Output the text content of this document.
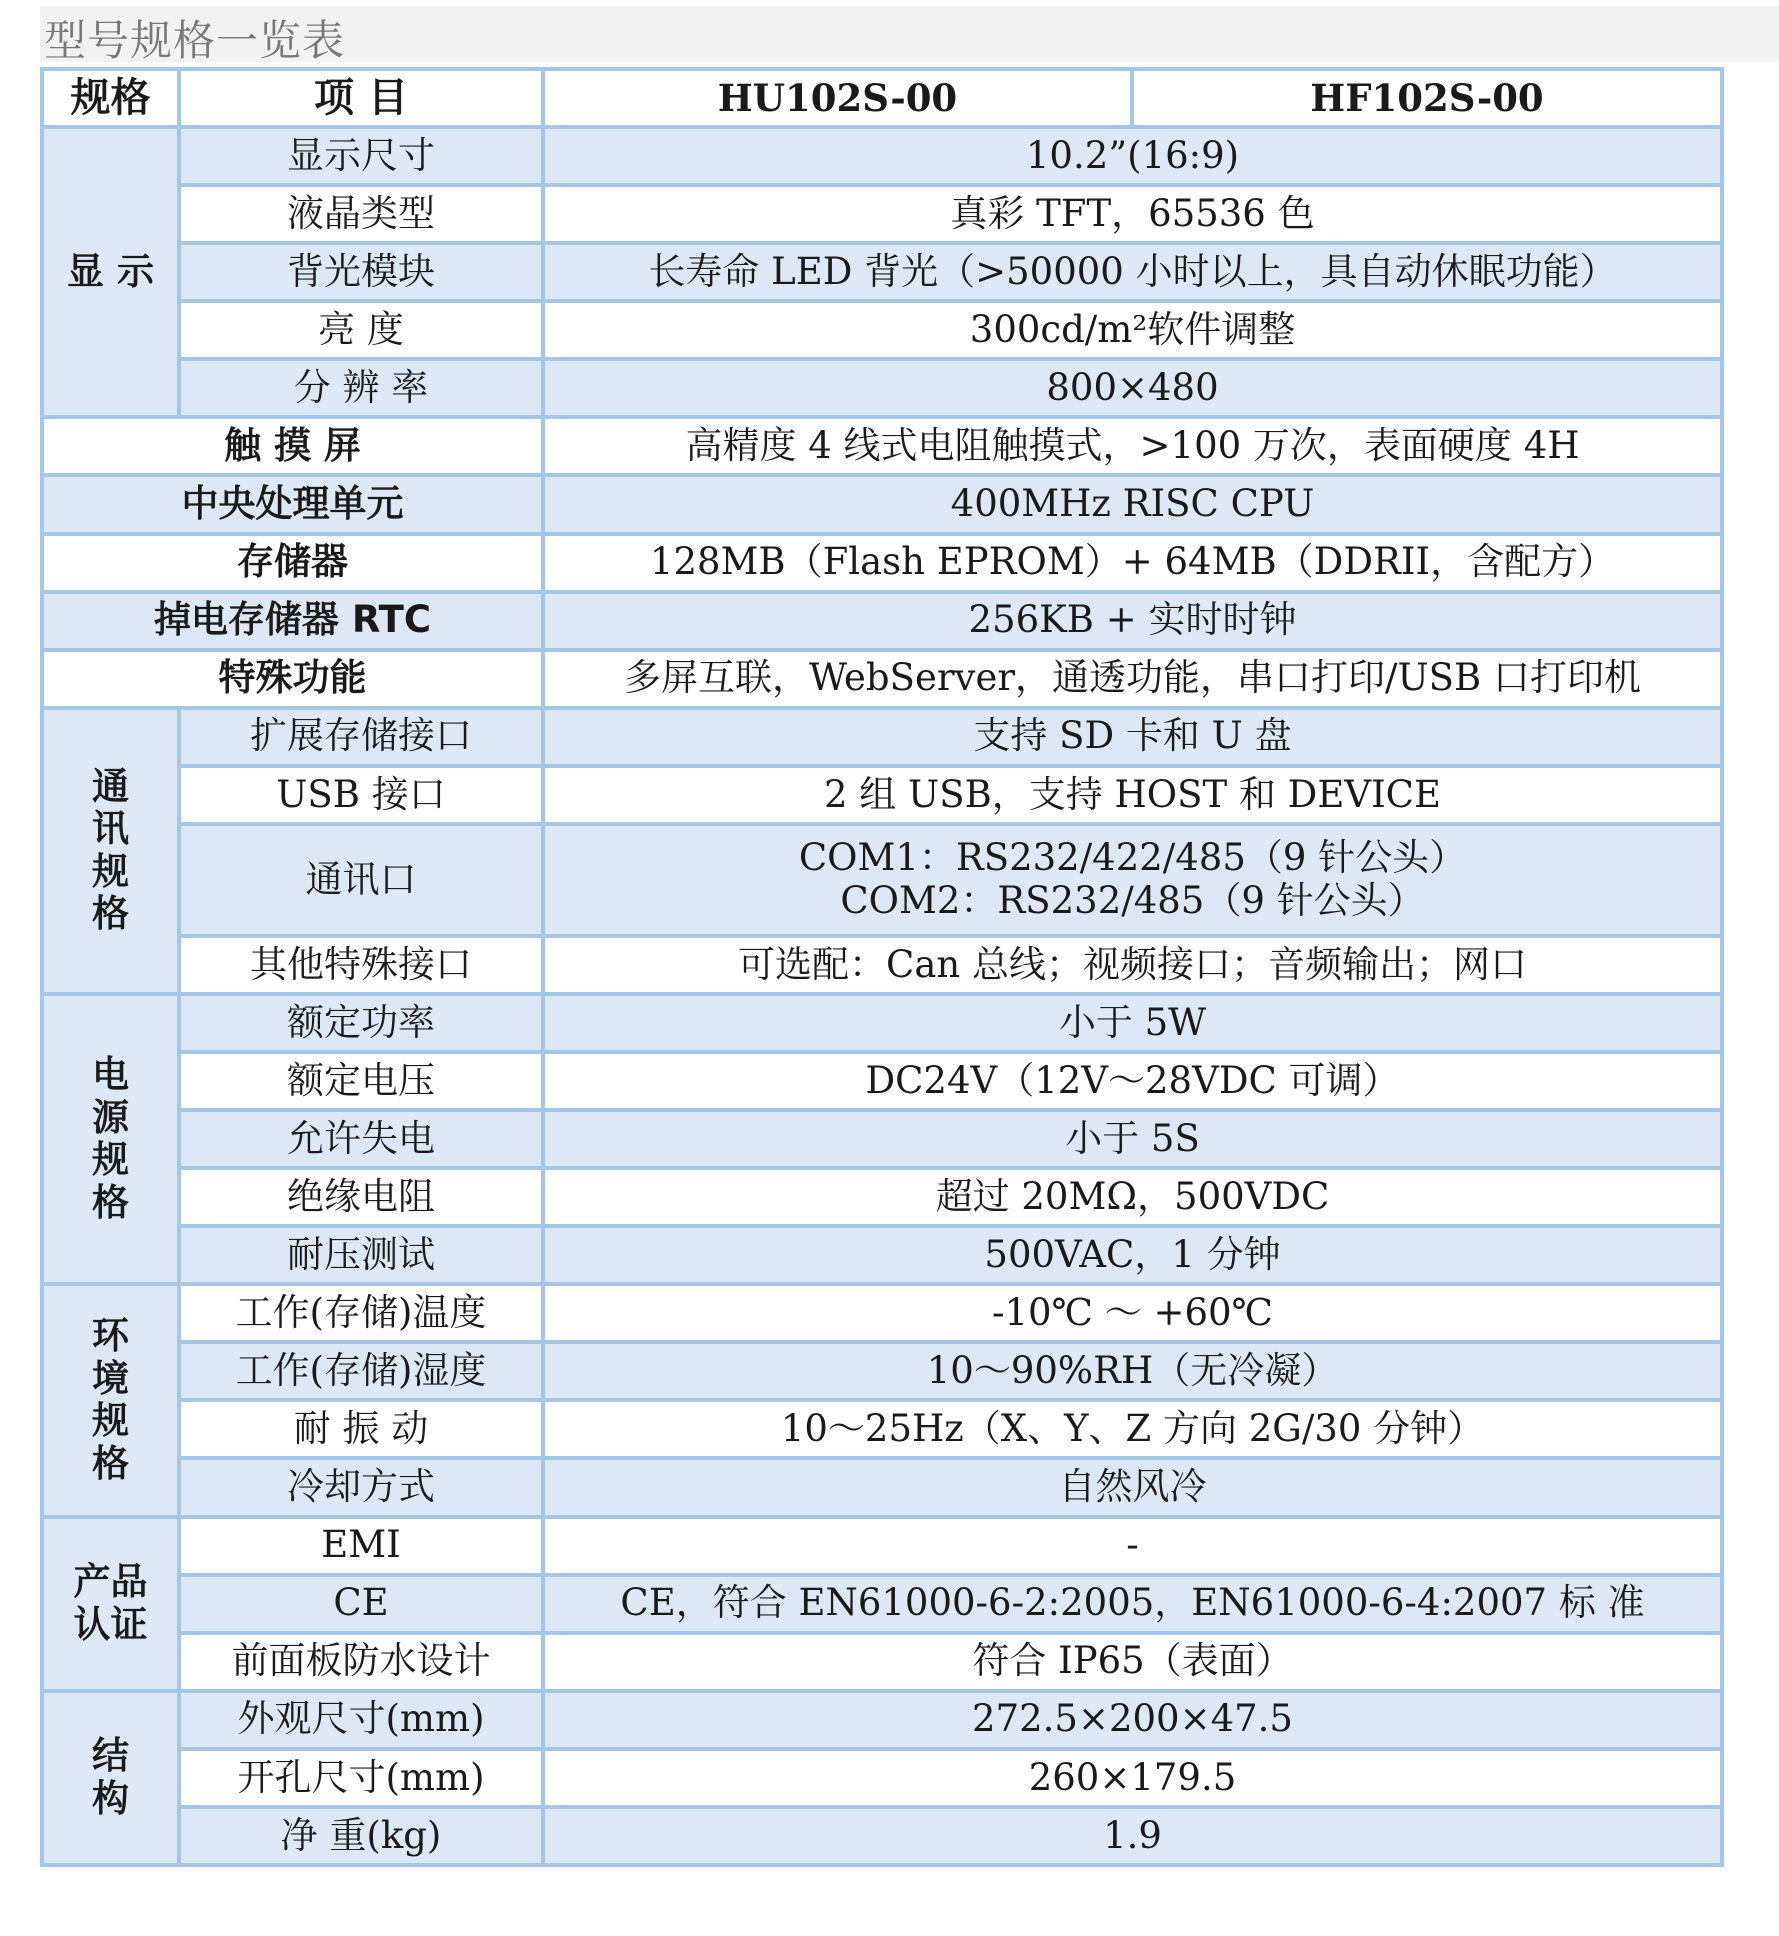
型号规格一览表
规格	项 目	HU102S-00	HF102S-00
显 示	显示尺寸	10.2”(16:9)	
	液晶类型	真彩 TFT，65536 色	
	背光模块	长寿命 LED 背光（>50000 小时以上，具自动休眠功能）	
	亮 度	300cd/m²软件调整	
	分 辨 率	800×480	
触 摸 屏		高精度 4 线式电阻触摸式，>100 万次，表面硬度 4H	
中央处理单元		400MHz RISC CPU	
存储器		128MB（Flash EPROM）+ 64MB（DDRII，含配方）	
掉电存储器 RTC		256KB + 实时时钟	
特殊功能		多屏互联，WebServer，通透功能，串口打印/USB 口打印机	

通
讯
规
格	扩展存储接口	支持 SD 卡和 U 盘	
	USB 接口	2 组 USB，支持 HOST 和 DEVICE	
	通讯口	COM1：RS232/422/485（9 针公头）
COM2：RS232/485（9 针公头）	

	其他特殊接口	可选配：Can 总线；视频接口；音频输出；网口	

电
源
规
格	额定功率	小于 5W	
	额定电压	DC24V（12V～28VDC 可调）	
	允许失电	小于 5S	
	绝缘电阻	超过 20MΩ，500VDC	
	耐压测试	500VAC，1 分钟	

环
境
规
格	工作(存储)温度	-10℃ ～ +60℃	
	工作(存储)湿度	10～90%RH（无冷凝）	
	耐 振 动	10～25Hz（X、Y、Z 方向 2G/30 分钟）	
	冷却方式	自然风冷	

产品
认证	EMI	-	
	CE	CE，符合 EN61000-6-2:2005，EN61000-6-4:2007 标 准	
	前面板防水设计	符合 IP65（表面）	

结
构	外观尺寸(mm)	272.5×200×47.5	
	开孔尺寸(mm)	260×179.5	
	净 重(kg)	1.9	
